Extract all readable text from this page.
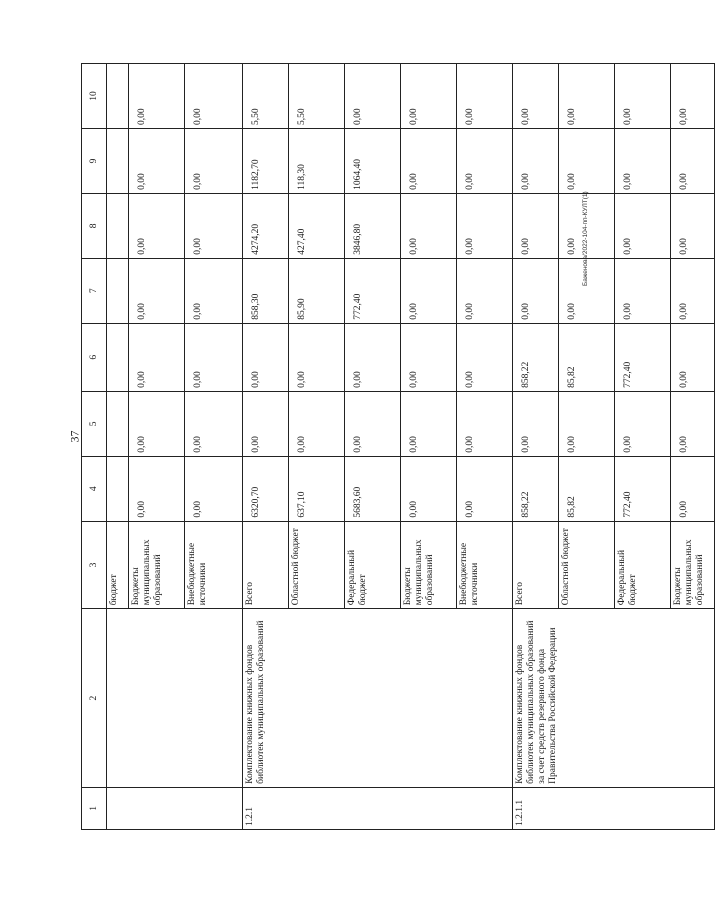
37
Баженова/2022-104-пп-КУЛТ(1)
1	2	3	4	5	6	7	8	9	10
		бюджет							
		Бюджеты муниципальных образований	0,00	0,00	0,00	0,00	0,00	0,00	0,00
		Внебюджетные источники	0,00	0,00	0,00	0,00	0,00	0,00	0,00
1.2.1	Комплектование книжных фондов библиотек муниципальных образований	Всего	6320,70	0,00	0,00	858,30	4274,20	1182,70	5,50
		Областной бюджет	637,10	0,00	0,00	85,90	427,40	118,30	5,50
		Федеральный бюджет	5683,60	0,00	0,00	772,40	3846,80	1064,40	0,00
		Бюджеты муниципальных образований	0,00	0,00	0,00	0,00	0,00	0,00	0,00
		Внебюджетные источники	0,00	0,00	0,00	0,00	0,00	0,00	0,00
1.2.1.1	Комплектование книжных фондов библиотек муниципальных образований за счет средств резервного фонда Правительства Российской Федерации	Всего	858,22	0,00	858,22	0,00	0,00	0,00	0,00
		Областной бюджет	85,82	0,00	85,82	0,00	0,00	0,00	0,00
		Федеральный бюджет	772,40	0,00	772,40	0,00	0,00	0,00	0,00
		Бюджеты муниципальных образований	0,00	0,00	0,00	0,00	0,00	0,00	0,00
